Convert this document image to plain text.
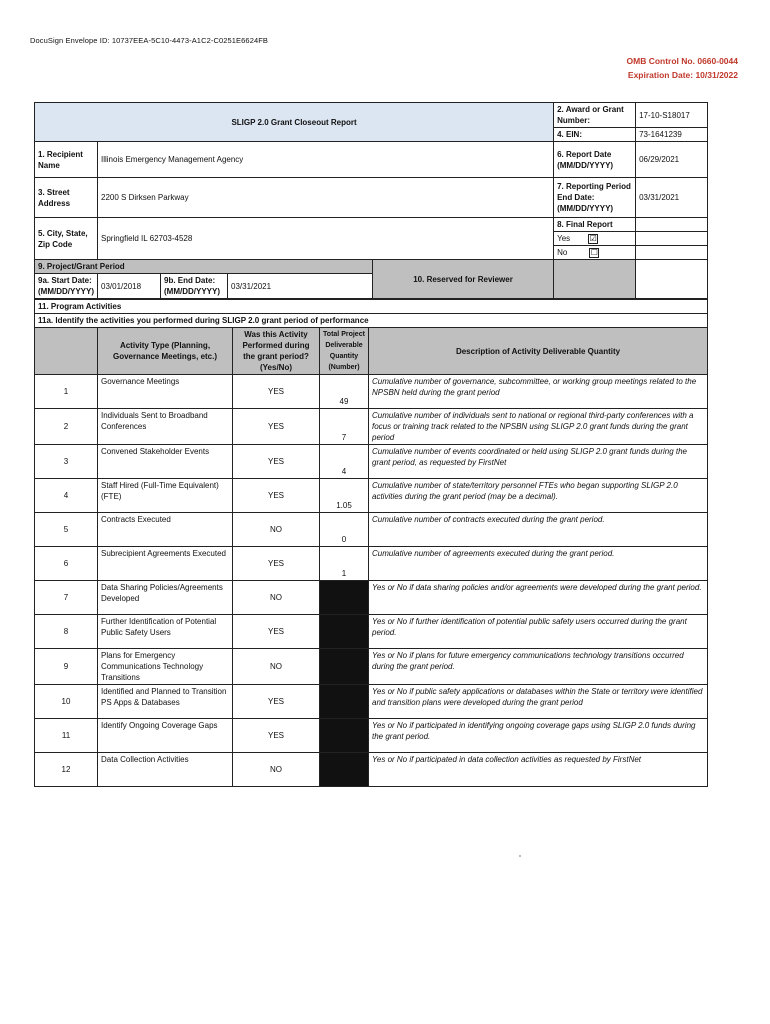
DocuSign Envelope ID: 10737EEA-5C10-4473-A1C2-C0251E6624FB
OMB Control No. 0660-0044
Expiration Date: 10/31/2022
SLIGP 2.0 Grant Closeout Report					2. Award or Grant Number:	17-10-S18017
					4. EIN:	73-1641239
1. Recipient Name	Illinois Emergency Management Agency				6. Report Date (MM/DD/YYYY)	06/29/2021
3. Street Address	2200 S Dirksen Parkway				7. Reporting Period End Date: (MM/DD/YYYY)	03/31/2021
5. City, State, Zip Code	Springfield IL 62703-4528				8. Final Report	
					Yes ☑	
					No ☐	
9. Project/Grant Period				10. Reserved for Reviewer		
9a. Start Date: (MM/DD/YYYY)	03/01/2018	9b. End Date: (MM/DD/YYYY)	03/31/2021			
11. Program Activities				
11a. Identify the activities you performed during SLIGP 2.0 grant period of performance				
	Activity Type (Planning, Governance Meetings, etc.)	Was this Activity Performed during the grant period? (Yes/No)	Total Project Deliverable Quantity (Number)	Description of Activity Deliverable Quantity
1	Governance Meetings	YES	49	Cumulative number of governance, subcommittee, or working group meetings related to the NPSBN held during the grant period
2	Individuals Sent to Broadband Conferences	YES	7	Cumulative number of individuals sent to national or regional third-party conferences with a focus or training track related to the NPSBN using SLIGP 2.0 grant funds during the grant period
3	Convened Stakeholder Events	YES	4	Cumulative number of events coordinated or held using SLIGP 2.0 grant funds during the grant period, as requested by FirstNet
4	Staff Hired (Full-Time Equivalent)(FTE)	YES	1.05	Cumulative number of state/territory personnel FTEs who began supporting SLIGP 2.0 activities during the grant period (may be a decimal).
5	Contracts Executed	NO	0	Cumulative number of contracts executed during the grant period.
6	Subrecipient Agreements Executed	YES	1	Cumulative number of agreements executed during the grant period.
7	Data Sharing Policies/Agreements Developed	NO		Yes or No if data sharing policies and/or agreements were developed during the grant period.
8	Further Identification of Potential Public Safety Users	YES		Yes or No if further identification of potential public safety users occurred during the grant period.
9	Plans for Emergency Communications Technology Transitions	NO		Yes or No if plans for future emergency communications technology transitions occurred during the grant period.
10	Identified and Planned to Transition PS Apps & Databases	YES		Yes or No if public safety applications or databases within the State or territory were identified and transition plans were developed during the grant period
11	Identify Ongoing Coverage Gaps	YES		Yes or No if participated in identifying ongoing coverage gaps using SLIGP 2.0 funds during the grant period.
12	Data Collection Activities	NO		Yes or No if participated in data collection activities as requested by FirstNet
